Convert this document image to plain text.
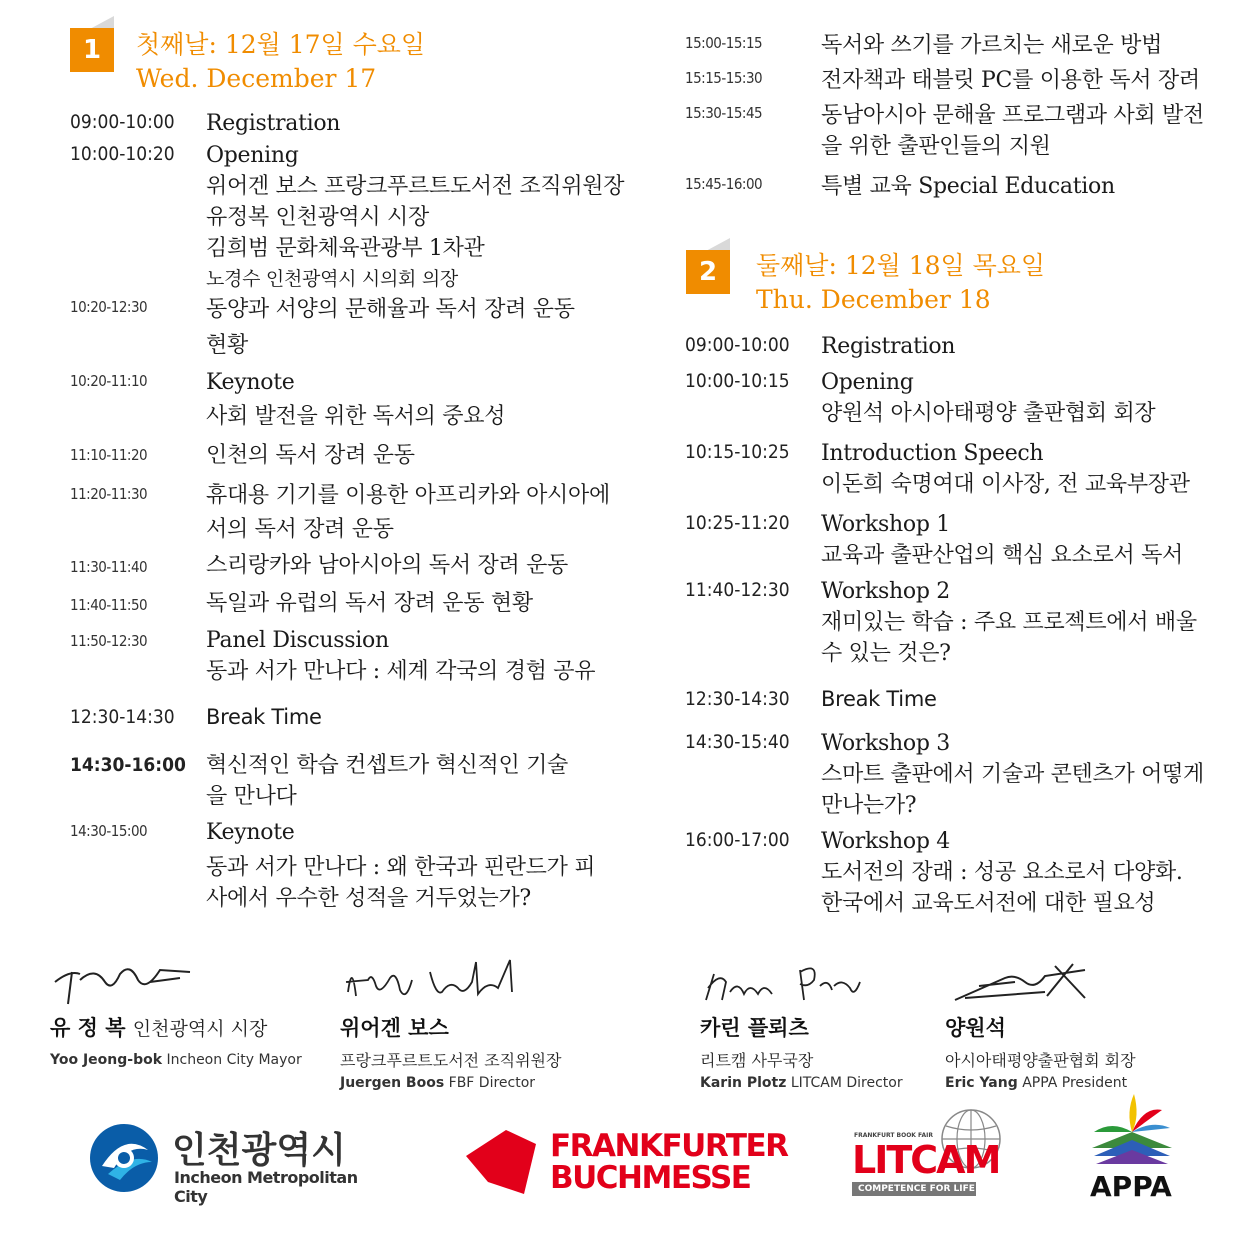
1	첫째날: 12월 17일 수요일
Wed. December 17
09:00-10:00 Registration
10:00-10:20 Opening
위어겐 보스 프랑크푸르트도서전 조직위원장
유정복 인천광역시 시장
김희범 문화체육관광부 1차관
노경수 인천광역시 시의회 의장
10:20-12:30	동양과 서양의 문해율과 독서 장려 운동
현황
10:20-11:10	Keynote
사회 발전을 위한 독서의 중요성
11:10-11:20	인천의 독서 장려 운동
11:20-11:30	휴대용 기기를 이용한 아프리카와 아시아에
서의 독서 장려 운동
11:30-11:40	스리랑카와 남아시아의 독서 장려 운동
11:40-11:50	독일과 유럽의 독서 장려 운동 현황
11:50-12:30	Panel Discussion
동과 서가 만나다 : 세계 각국의 경험 공유
12:30-14:30 Break Time
14:30-16:00 혁신적인 학습 컨셉트가 혁신적인 기술
을 만나다
14:30-15:00	Keynote
동과 서가 만나다 : 왜 한국과 핀란드가 피
사에서 우수한 성적을 거두었는가?
15:00-15:15	독서와 쓰기를 가르치는 새로운 방법
15:15-15:30	전자책과 태블릿 PC를 이용한 독서 장려
15:30-15:45	동남아시아 문해율 프로그램과 사회 발전
을 위한 출판인들의 지원
15:45-16:00	특별 교육 Special Education
2	둘째날: 12월 18일 목요일
Thu. December 18
09:00-10:00 Registration
10:00-10:15 Opening
양원석 아시아태평양 출판협회 회장
10:15-10:25 Introduction Speech
이돈희 숙명여대 이사장, 전 교육부장관
10:25-11:20 Workshop 1
교육과 출판산업의 핵심 요소로서 독서
11:40-12:30 Workshop 2
재미있는 학습 : 주요 프로젝트에서 배울
수 있는 것은?
12:30-14:30 Break Time
14:30-15:40 Workshop 3
스마트 출판에서 기술과 콘텐츠가 어떻게
만나는가?
16:00-17:00 Workshop 4
도서전의 장래 : 성공 요소로서 다양화.
한국에서 교육도서전에 대한 필요성
유 정 복 인천광역시 시장
Yoo Jeong-bok Incheon City Mayor
위어겐 보스
프랑크푸르트도서전 조직위원장
Juergen Boos FBF Director
카린 플뢰츠
리트캠 사무국장
Karin Plotz LITCAM Director
양원석
아시아태평양출판협회 회장
Eric Yang APPA President
인천광역시
Incheon Metropolitan City
FRANKFURTER
BUCHMESSE
FRANKFURT BOOK FAIR
LITCAM
COMPETENCE FOR LIFE	APPA
